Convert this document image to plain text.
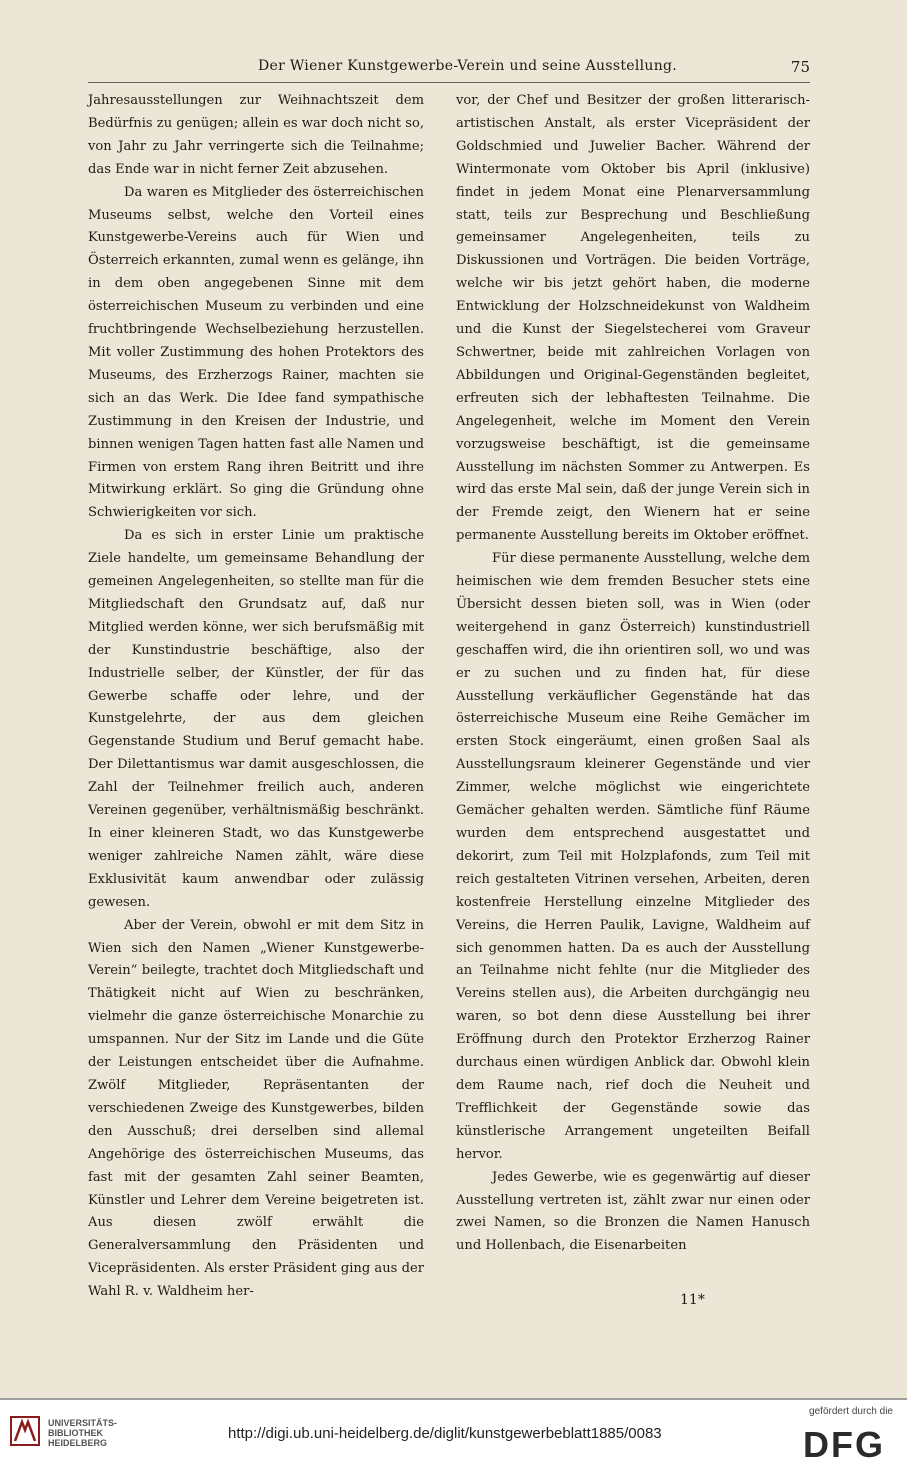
Der Wiener Kunstgewerbe-Verein und seine Ausstellung.	75

Jahresausstellungen zur Weihnachtszeit dem Bedürfnis zu genügen; allein es war doch nicht so, von Jahr zu Jahr verringerte sich die Teilnahme; das Ende war in nicht ferner Zeit abzusehen.

Da waren es Mitglieder des österreichischen Museums selbst, welche den Vorteil eines Kunstgewerbe-Vereins auch für Wien und Österreich erkannten, zumal wenn es gelänge, ihn in dem oben angegebenen Sinne mit dem österreichischen Museum zu verbinden und eine fruchtbringende Wechselbeziehung herzustellen. Mit voller Zustimmung des hohen Protektors des Museums, des Erzherzogs Rainer, machten sie sich an das Werk. Die Idee fand sympathische Zustimmung in den Kreisen der Industrie, und binnen wenigen Tagen hatten fast alle Namen und Firmen von erstem Rang ihren Beitritt und ihre Mitwirkung erklärt. So ging die Gründung ohne Schwierigkeiten vor sich.

Da es sich in erster Linie um praktische Ziele handelte, um gemeinsame Behandlung der gemeinen Angelegenheiten, so stellte man für die Mitgliedschaft den Grundsatz auf, daß nur Mitglied werden könne, wer sich berufsmäßig mit der Kunstindustrie beschäftige, also der Industrielle selber, der Künstler, der für das Gewerbe schaffe oder lehre, und der Kunstgelehrte, der aus dem gleichen Gegenstande Studium und Beruf gemacht habe. Der Dilettantismus war damit ausgeschlossen, die Zahl der Teilnehmer freilich auch, anderen Vereinen gegenüber, verhältnismäßig beschränkt. In einer kleineren Stadt, wo das Kunstgewerbe weniger zahlreiche Namen zählt, wäre diese Exklusivität kaum anwendbar oder zulässig gewesen.

Aber der Verein, obwohl er mit dem Sitz in Wien sich den Namen „Wiener Kunstgewerbe-Verein“ beilegte, trachtet doch Mitgliedschaft und Thätigkeit nicht auf Wien zu beschränken, vielmehr die ganze österreichische Monarchie zu umspannen. Nur der Sitz im Lande und die Güte der Leistungen entscheidet über die Aufnahme. Zwölf Mitglieder, Repräsentanten der verschiedenen Zweige des Kunstgewerbes, bilden den Ausschuß; drei derselben sind allemal Angehörige des österreichischen Museums, das fast mit der gesamten Zahl seiner Beamten, Künstler und Lehrer dem Vereine beigetreten ist. Aus diesen zwölf erwählt die Generalversammlung den Präsidenten und Vicepräsidenten. Als erster Präsident ging aus der Wahl R. v. Waldheim her-

vor, der Chef und Besitzer der großen litterarisch-artistischen Anstalt, als erster Vicepräsident der Goldschmied und Juwelier Bacher. Während der Wintermonate vom Oktober bis April (inklusive) findet in jedem Monat eine Plenarversammlung statt, teils zur Besprechung und Beschließung gemeinsamer Angelegenheiten, teils zu Diskussionen und Vorträgen. Die beiden Vorträge, welche wir bis jetzt gehört haben, die moderne Entwicklung der Holzschneidekunst von Waldheim und die Kunst der Siegelstecherei vom Graveur Schwertner, beide mit zahlreichen Vorlagen von Abbildungen und Original-Gegenständen begleitet, erfreuten sich der lebhaftesten Teilnahme. Die Angelegenheit, welche im Moment den Verein vorzugsweise beschäftigt, ist die gemeinsame Ausstellung im nächsten Sommer zu Antwerpen. Es wird das erste Mal sein, daß der junge Verein sich in der Fremde zeigt, den Wienern hat er seine permanente Ausstellung bereits im Oktober eröffnet.

Für diese permanente Ausstellung, welche dem heimischen wie dem fremden Besucher stets eine Übersicht dessen bieten soll, was in Wien (oder weitergehend in ganz Österreich) kunstindustriell geschaffen wird, die ihn orientiren soll, wo und was er zu suchen und zu finden hat, für diese Ausstellung verkäuflicher Gegenstände hat das österreichische Museum eine Reihe Gemächer im ersten Stock eingeräumt, einen großen Saal als Ausstellungsraum kleinerer Gegenstände und vier Zimmer, welche möglichst wie eingerichtete Gemächer gehalten werden. Sämtliche fünf Räume wurden dem entsprechend ausgestattet und dekorirt, zum Teil mit Holzplafonds, zum Teil mit reich gestalteten Vitrinen versehen, Arbeiten, deren kostenfreie Herstellung einzelne Mitglieder des Vereins, die Herren Paulik, Lavigne, Waldheim auf sich genommen hatten. Da es auch der Ausstellung an Teilnahme nicht fehlte (nur die Mitglieder des Vereins stellen aus), die Arbeiten durchgängig neu waren, so bot denn diese Ausstellung bei ihrer Eröffnung durch den Protektor Erzherzog Rainer durchaus einen würdigen Anblick dar. Obwohl klein dem Raume nach, rief doch die Neuheit und Trefflichkeit der Gegenstände sowie das künstlerische Arrangement ungeteilten Beifall hervor.

Jedes Gewerbe, wie es gegenwärtig auf dieser Ausstellung vertreten ist, zählt zwar nur einen oder zwei Namen, so die Bronzen die Namen Hanusch und Hollenbach, die Eisenarbeiten

11*
UNIVERSITÄTS-
BIBLIOTHEK
HEIDELBERG
http://digi.ub.uni-heidelberg.de/diglit/kunstgewerbeblatt1885/0083
gefördert durch die
DFG
